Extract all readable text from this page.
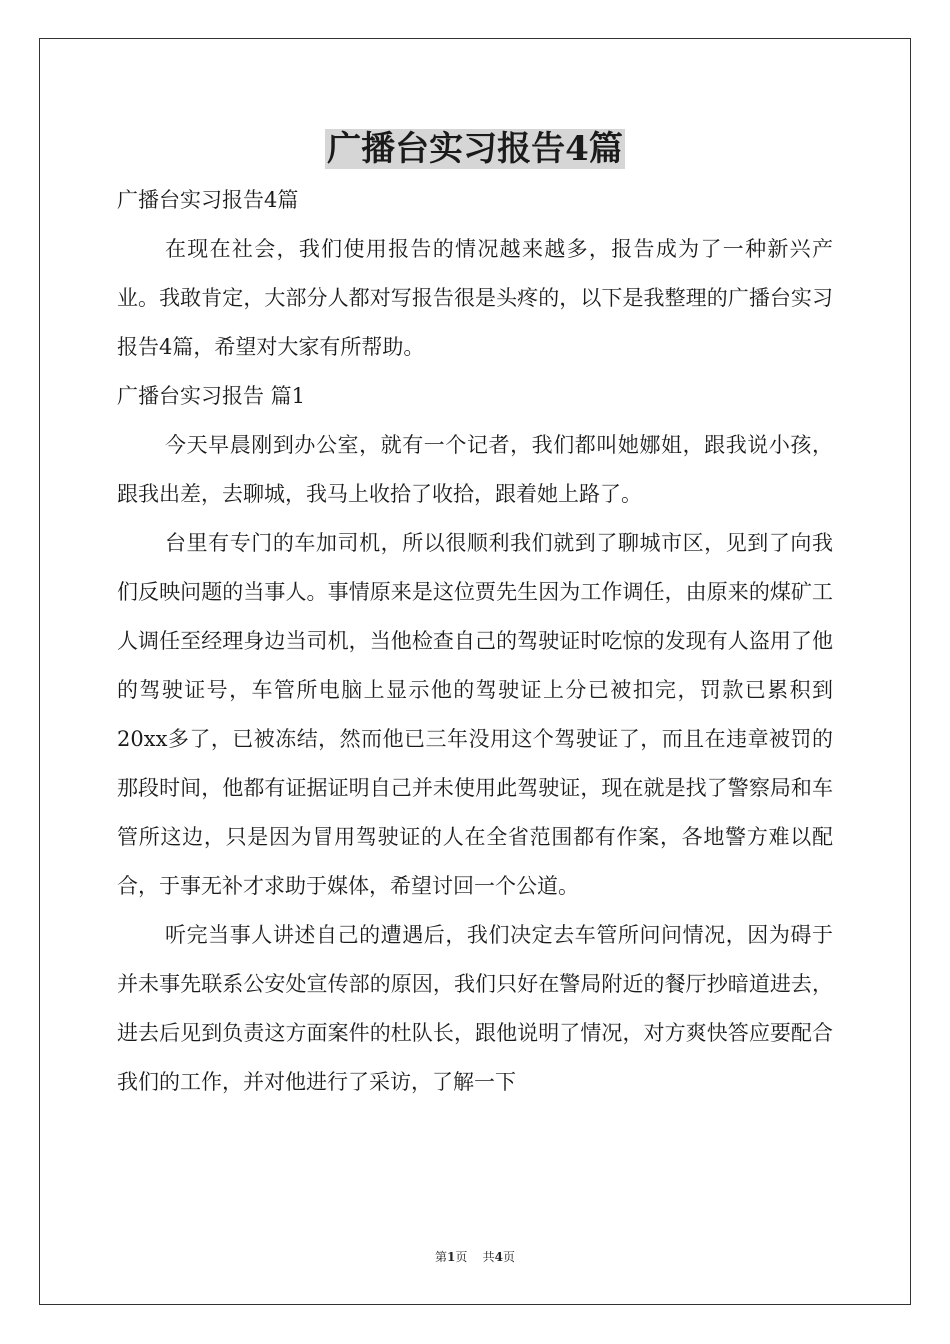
广播台实习报告4篇

广播台实习报告4篇

在现在社会，我们使用报告的情况越来越多，报告成为了一种新兴产业。我敢肯定，大部分人都对写报告很是头疼的，以下是我整理的广播台实习报告4篇，希望对大家有所帮助。

广播台实习报告 篇1

今天早晨刚到办公室，就有一个记者，我们都叫她娜姐，跟我说小孩，跟我出差，去聊城，我马上收拾了收拾，跟着她上路了。

台里有专门的车加司机，所以很顺利我们就到了聊城市区，见到了向我们反映问题的当事人。事情原来是这位贾先生因为工作调任，由原来的煤矿工人调任至经理身边当司机，当他检查自己的驾驶证时吃惊的发现有人盗用了他的驾驶证号，车管所电脑上显示他的驾驶证上分已被扣完，罚款已累积到20xx多了，已被冻结，然而他已三年没用这个驾驶证了，而且在违章被罚的那段时间，他都有证据证明自己并未使用此驾驶证，现在就是找了警察局和车管所这边，只是因为冒用驾驶证的人在全省范围都有作案，各地警方难以配合，于事无补才求助于媒体，希望讨回一个公道。

听完当事人讲述自己的遭遇后，我们决定去车管所问问情况，因为碍于并未事先联系公安处宣传部的原因，我们只好在警局附近的餐厅抄暗道进去，进去后见到负责这方面案件的杜队长，跟他说明了情况，对方爽快答应要配合我们的工作，并对他进行了采访，了解一下

第1页 共4页
